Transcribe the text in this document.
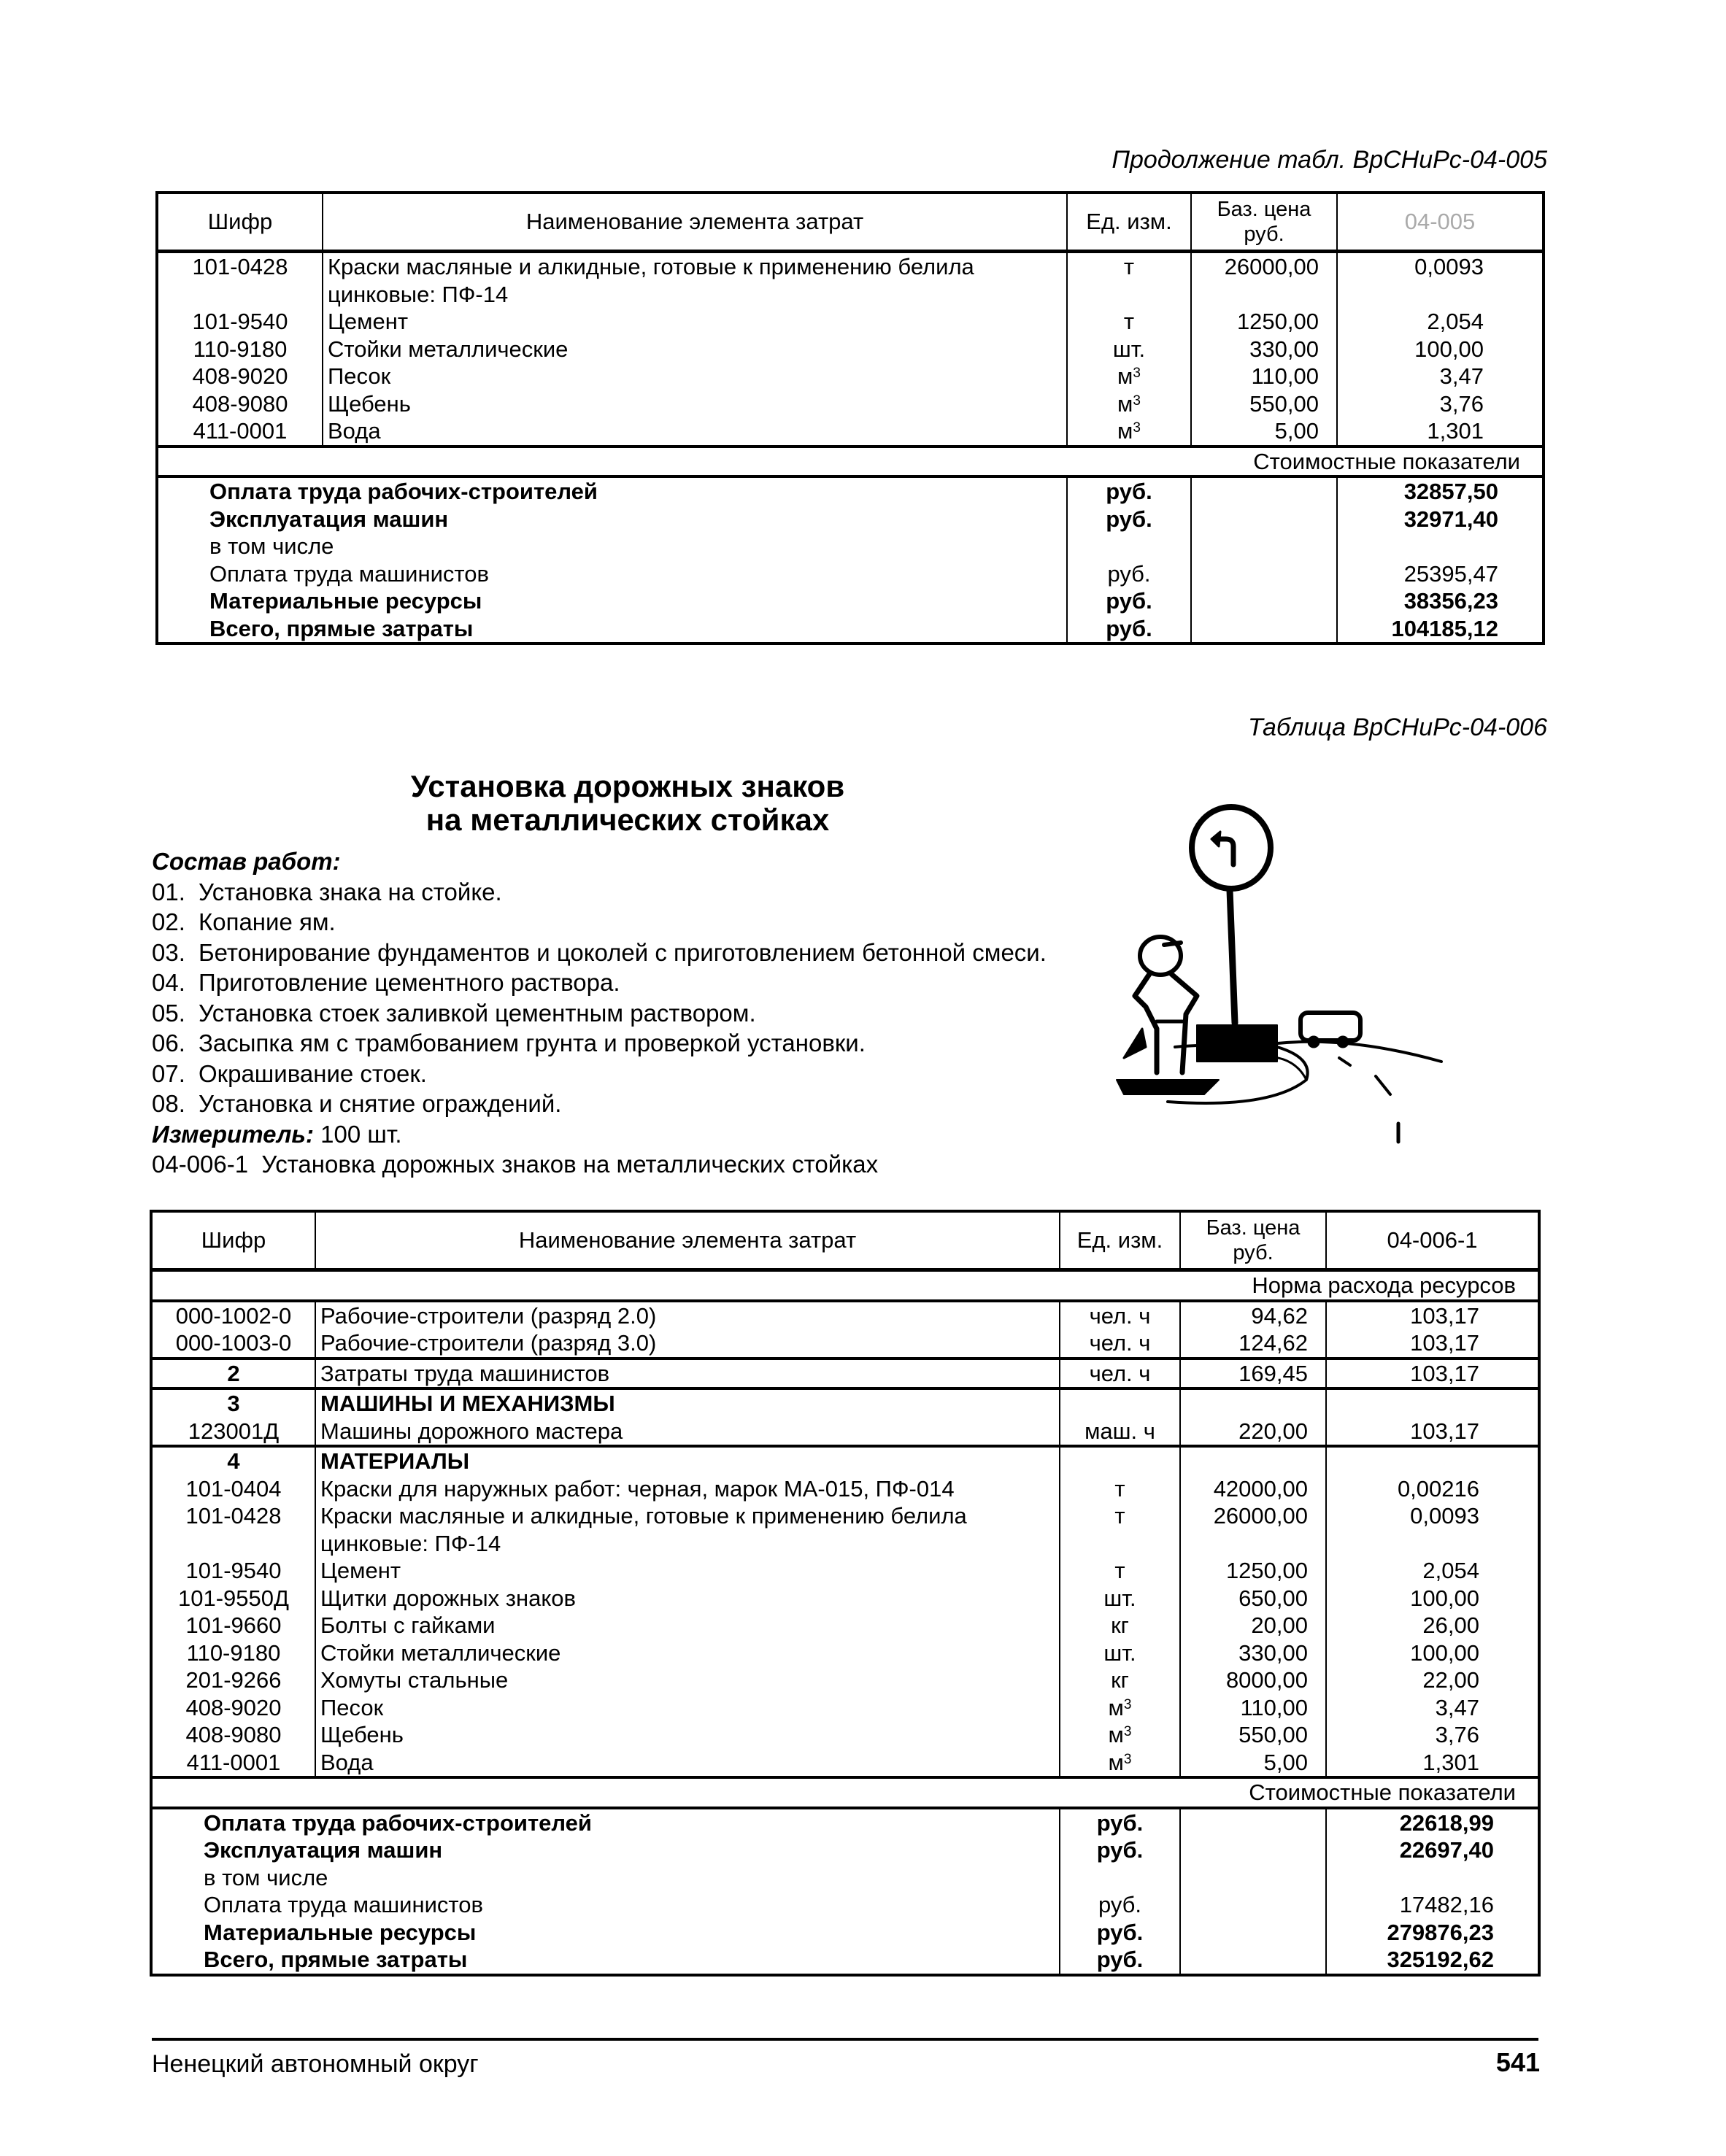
Продолжение табл. ВрСНиРс-04-005
Шифр	Наименование элемента затрат	Ед. изм.	Баз. цена руб.	04-005
101-0428	Краски масляные и алкидные, готовые к применению белила цинковые: ПФ-14	т	26000,00	0,0093
101-9540	Цемент	т	1250,00	2,054
110-9180	Стойки металлические	шт.	330,00	100,00
408-9020	Песок	$м^3$	110,00	3,47
408-9080	Щебень	$м^3$	550,00	3,76
411-0001	Вода	$м^3$	5,00	1,301
Стоимостные показатели				
Оплата труда рабочих-строителей		руб.		32857,50
Эксплуатация машин		руб.		32971,40
в том числе				
Оплата труда машинистов		руб.		25395,47
Материальные ресурсы		руб.		38356,23
Всего, прямые затраты		руб.		104185,12
Таблица ВрСНиРс-04-006
Установка дорожных знаков
на металлических стойках
Состав работ:
01. Установка знака на стойке.
02. Копание ям.
03. Бетонирование фундаментов и цоколей с приготовлением бетонной смеси.
04. Приготовление цементного раствора.
05. Установка стоек заливкой цементным раствором.
06. Засыпка ям с трамбованием грунта и проверкой установки.
07. Окрашивание стоек.
08. Установка и снятие ограждений.
Измеритель: 100 шт.
04-006-1  Установка дорожных знаков на металлических стойках
Шифр	Наименование элемента затрат	Ед. изм.	Баз. цена руб.	04-006-1
Норма расхода ресурсов				
000-1002-0	Рабочие-строители (разряд 2.0)	чел. ч	94,62	103,17
000-1003-0	Рабочие-строители (разряд 3.0)	чел. ч	124,62	103,17
2	Затраты труда машинистов	чел. ч	169,45	103,17
3	МАШИНЫ И МЕХАНИЗМЫ			
123001Д	Машины дорожного мастера	маш. ч	220,00	103,17
4	МАТЕРИАЛЫ			
101-0404	Краски для наружных работ: черная, марок МА-015, ПФ-014	т	42000,00	0,00216
101-0428	Краски масляные и алкидные, готовые к применению белила цинковые: ПФ-14	т	26000,00	0,0093
101-9540	Цемент	т	1250,00	2,054
101-9550Д	Щитки дорожных знаков	шт.	650,00	100,00
101-9660	Болты с гайками	кг	20,00	26,00
110-9180	Стойки металлические	шт.	330,00	100,00
201-9266	Хомуты стальные	кг	8000,00	22,00
408-9020	Песок	$м^3$	110,00	3,47
408-9080	Щебень	$м^3$	550,00	3,76
411-0001	Вода	$м^3$	5,00	1,301
Стоимостные показатели				
Оплата труда рабочих-строителей		руб.		22618,99
Эксплуатация машин		руб.		22697,40
в том числе				
Оплата труда машинистов		руб.		17482,16
Материальные ресурсы		руб.		279876,23
Всего, прямые затраты		руб.		325192,62
Ненецкий автономный округ	541
